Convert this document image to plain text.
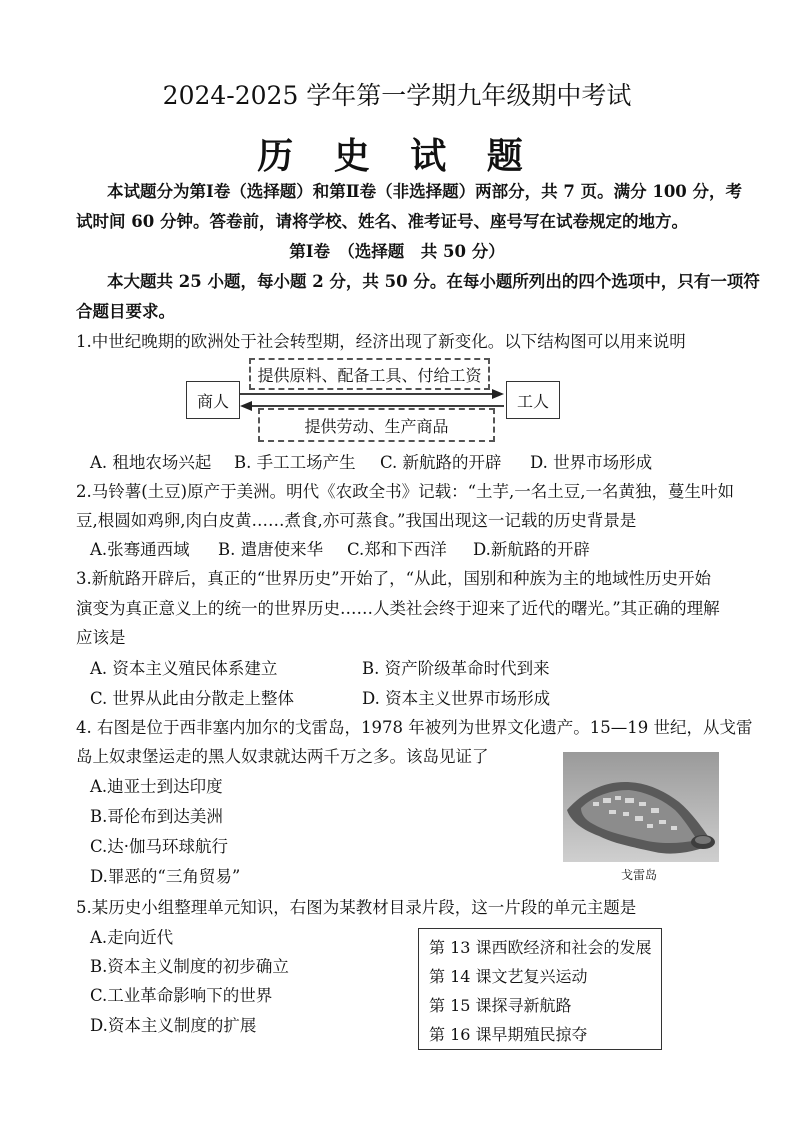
2024-2025 学年第一学期九年级期中考试
历 史 试 题
本试题分为第Ⅰ卷（选择题）和第Ⅱ卷（非选择题）两部分，共 7 页。满分 100 分，考
试时间 60 分钟。答卷前，请将学校、姓名、准考证号、座号写在试卷规定的地方。
第Ⅰ卷　（选择题　共 50 分）
本大题共 25 小题，每小题 2 分，共 50 分。在每小题所列出的四个选项中，只有一项符
合题目要求。
1.中世纪晚期的欧洲处于社会转型期，经济出现了新变化。以下结构图可以用来说明
商人	工人
提供原料、配备工具、付给工资
提供劳动、生产商品
A. 租地农场兴起 B. 手工工场产生 C. 新航路的开辟 D. 世界市场形成
2.马铃薯(土豆)原产于美洲。明代《农政全书》记载：“土芋,一名土豆,一名黄独，蔓生叶如
豆,根圆如鸡卵,肉白皮黄……煮食,亦可蒸食。”我国出现这一记载的历史背景是
A.张骞通西域 B. 遣唐使来华 C.郑和下西洋 D.新航路的开辟
3.新航路开辟后，真正的“世界历史”开始了，“从此，国别和种族为主的地域性历史开始
演变为真正意义上的统一的世界历史……人类社会终于迎来了近代的曙光。”其正确的理解
应该是
A. 资本主义殖民体系建立	B. 资产阶级革命时代到来
C. 世界从此由分散走上整体	D. 资本主义世界市场形成
4. 右图是位于西非塞内加尔的戈雷岛，1978 年被列为世界文化遗产。15—19 世纪，从戈雷
岛上奴隶堡运走的黑人奴隶就达两千万之多。该岛见证了
A.迪亚士到达印度
B.哥伦布到达美洲
C.达·伽马环球航行
D.罪恶的“三角贸易”	戈雷岛
5.某历史小组整理单元知识，右图为某教材目录片段，这一片段的单元主题是
A.走向近代
B.资本主义制度的初步确立
C.工业革命影响下的世界
D.资本主义制度的扩展
第 13 课西欧经济和社会的发展
第 14 课文艺复兴运动
第 15 课探寻新航路
第 16 课早期殖民掠夺
